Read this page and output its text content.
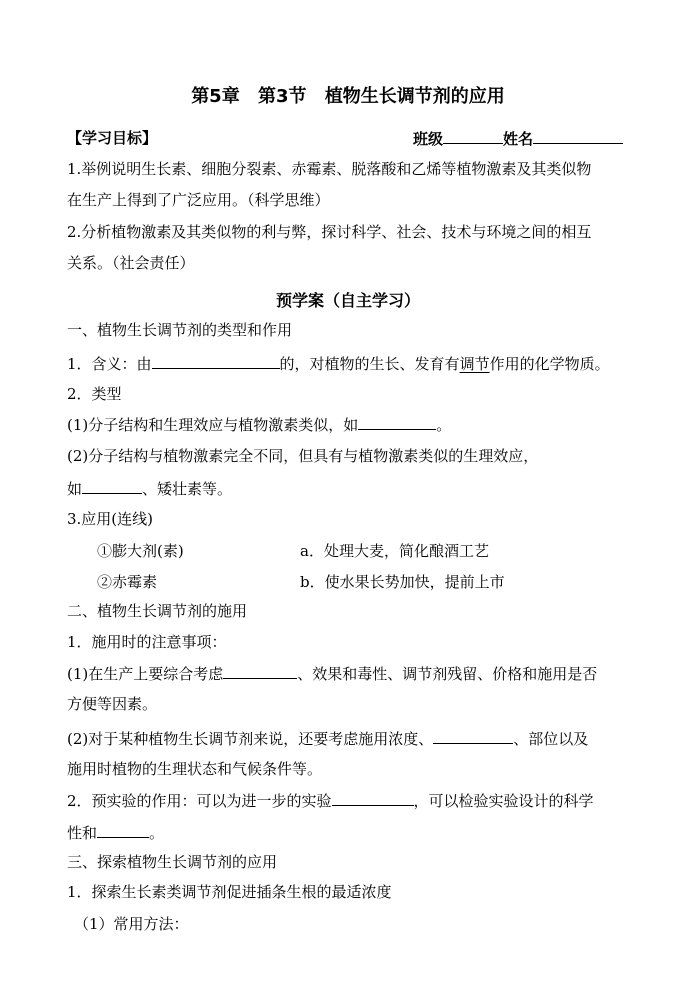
第5章 第3节 植物生长调节剂的应用
【学习目标】	班级	姓名
1.举例说明生长素、细胞分裂素、赤霉素、脱落酸和乙烯等植物激素及其类似物
在生产上得到了广泛应用。（科学思维）
2.分析植物激素及其类似物的利与弊，探讨科学、社会、技术与环境之间的相互
关系。（社会责任）
预学案（自主学习）
一、植物生长调节剂的类型和作用
1．含义：由	的，对植物的生长、发育有调节作用的化学物质。
2．类型
(1)分子结构和生理效应与植物激素类似，如	。
(2)分子结构与植物激素完全不同，但具有与植物激素类似的生理效应，
如	、矮壮素等。
3.应用(连线)
①膨大剂(素)	a．处理大麦，简化酿酒工艺
②赤霉素	b．使水果长势加快，提前上市
二、植物生长调节剂的施用
1．施用时的注意事项：
(1)在生产上要综合考虑	、效果和毒性、调节剂残留、价格和施用是否
方便等因素。
(2)对于某种植物生长调节剂来说，还要考虑施用浓度、	、部位以及
施用时植物的生理状态和气候条件等。
2．预实验的作用：可以为进一步的实验	，可以检验实验设计的科学
性和	。
三、探索植物生长调节剂的应用
1．探索生长素类调节剂促进插条生根的最适浓度
（1）常用方法：
